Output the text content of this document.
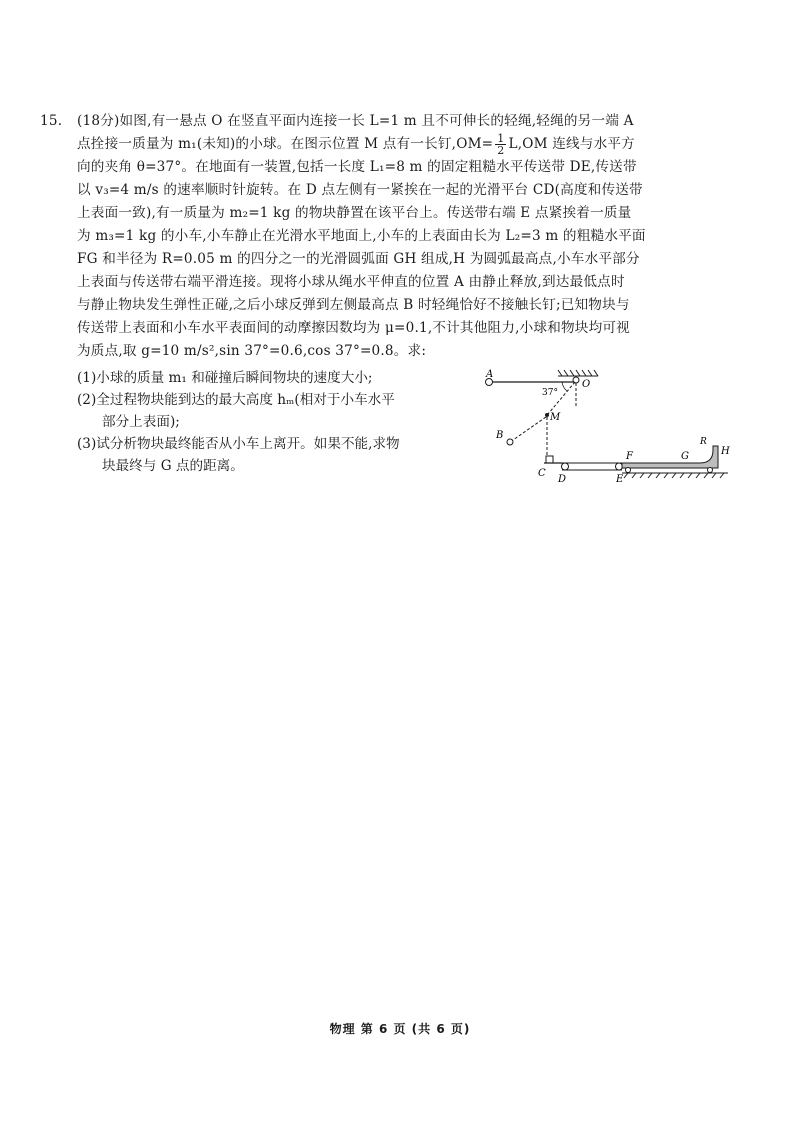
15. (18分)如图,有一悬点 O 在竖直平面内连接一长 L=1 m 且不可伸长的轻绳,轻绳的另一端 A
点拴接一质量为 m₁(未知)的小球。在图示位置 M 点有一长钉$,OM= \frac{1}{2} L,OM$ 连线与水平方
向的夹角 θ=37°。在地面有一装置,包括一长度 L₁=8 m 的固定粗糙水平传送带 DE,传送带
以 v₃=4 m/s 的速率顺时针旋转。在 D 点左侧有一紧挨在一起的光滑平台 CD(高度和传送带
上表面一致),有一质量为 m₂=1 kg 的物块静置在该平台上。传送带右端 E 点紧挨着一质量
为 m₃=1 kg 的小车,小车静止在光滑水平地面上,小车的上表面由长为 L₂=3 m 的粗糙水平面
FG 和半径为 R=0.05 m 的四分之一的光滑圆弧面 GH 组成,H 为圆弧最高点,小车水平部分
上表面与传送带右端平滑连接。现将小球从绳水平伸直的位置 A 由静止释放,到达最低点时
与静止物块发生弹性正碰,之后小球反弹到左侧最高点 B 时轻绳恰好不接触长钉;已知物块与
传送带上表面和小车水平表面间的动摩擦因数均为 μ=0.1,不计其他阻力,小球和物块均可视
为质点,取 g=10 m/s²,sin 37°=0.6,cos 37°=0.8。求:
(1)小球的质量 m₁ 和碰撞后瞬间物块的速度大小;
(2)全过程物块能到达的最大高度 hₘ(相对于小车水平
部分上表面);
(3)试分析物块最终能否从小车上离开。如果不能,求物
块最终与 G 点的距离。
A
O
37°
M
B
C
D	E
F	G
R
H
物理 第 6 页 (共 6 页)
